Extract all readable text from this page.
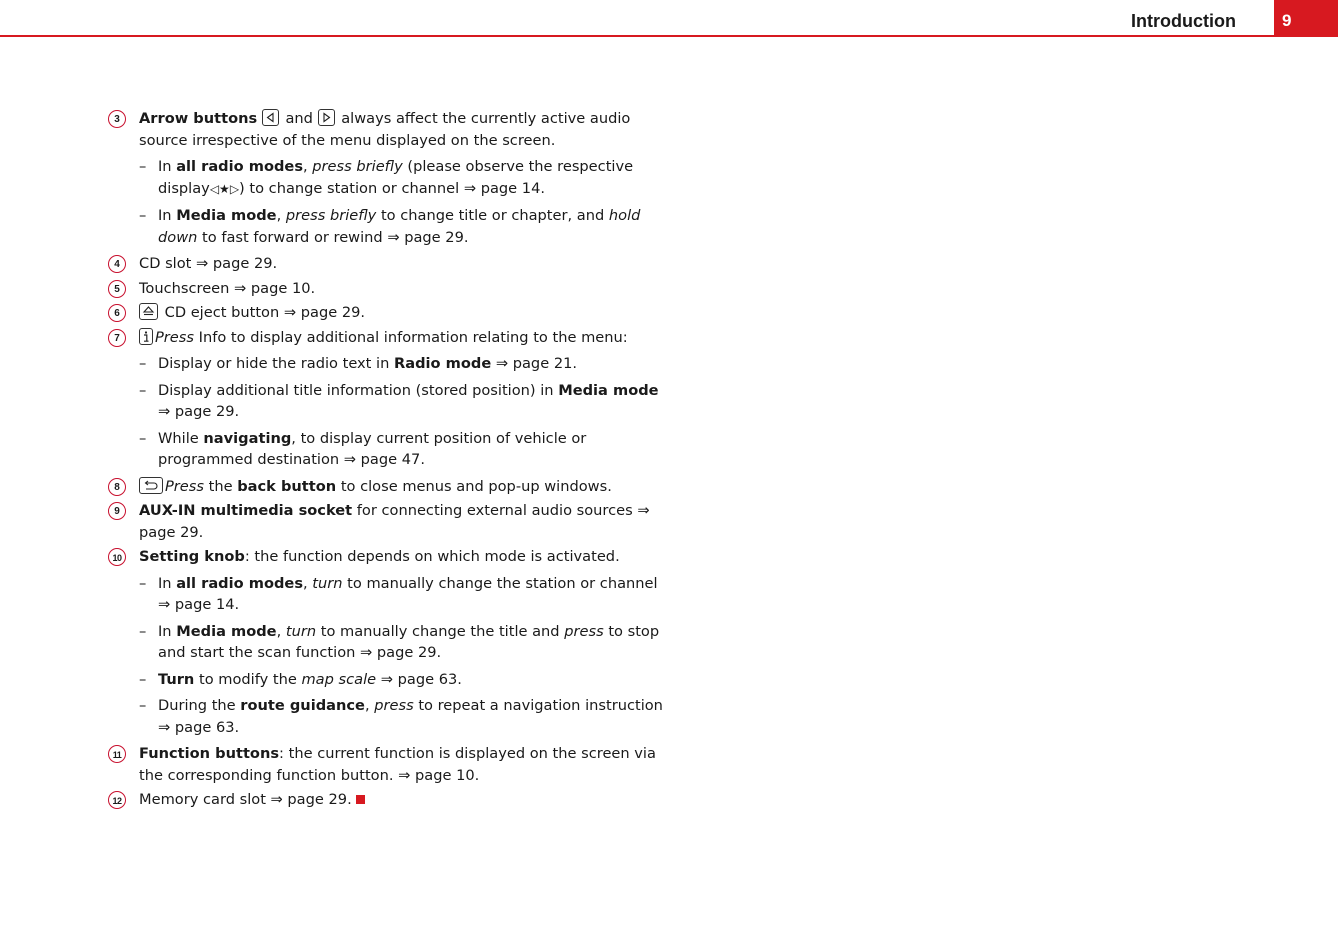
Introduction	9
3	Arrow buttons and always affect the currently active audio source irrespective of the menu displayed on the screen.
– In all radio modes, press briefly (please observe the respective display◁★▷) to change station or channel ⇒ page 14.
– In Media mode, press briefly to change title or chapter, and hold down to fast forward or rewind ⇒ page 29.
4	CD slot ⇒ page 29.
5	Touchscreen ⇒ page 10.
6	CD eject button ⇒ page 29.
7	Press Info to display additional information relating to the menu:
– Display or hide the radio text in Radio mode ⇒ page 21.
– Display additional title information (stored position) in Media mode ⇒ page 29.
– While navigating, to display current position of vehicle or programmed destination ⇒ page 47.
8	Press the back button to close menus and pop-up windows.
9	AUX-IN multimedia socket for connecting external audio sources ⇒ page 29.
10	Setting knob: the function depends on which mode is activated.
– In all radio modes, turn to manually change the station or channel ⇒ page 14.
– In Media mode, turn to manually change the title and press to stop and start the scan function ⇒ page 29.
– Turn to modify the map scale ⇒ page 63.
– During the route guidance, press to repeat a navigation instruction ⇒ page 63.
11	Function buttons: the current function is displayed on the screen via the corresponding function button. ⇒ page 10.
12	Memory card slot ⇒ page 29.
